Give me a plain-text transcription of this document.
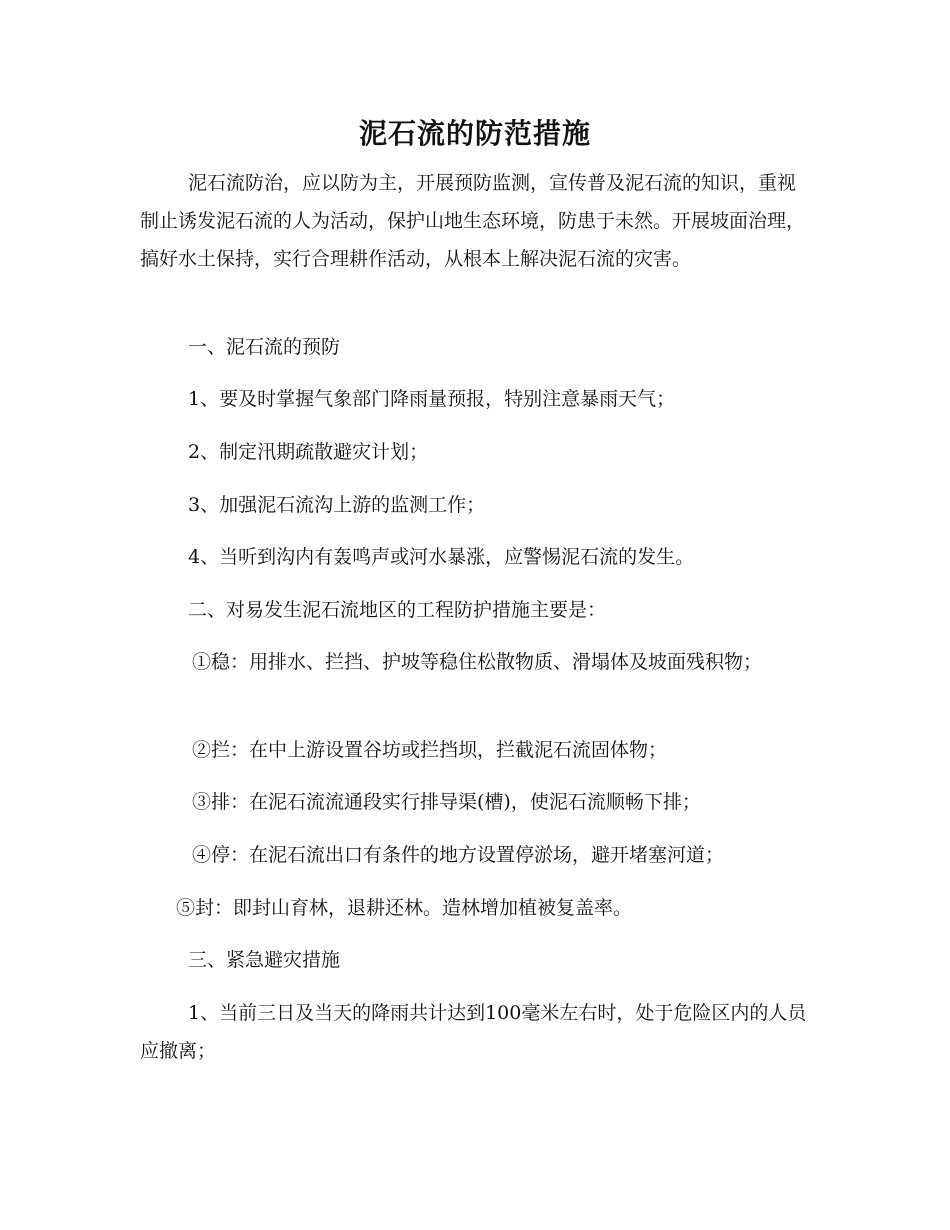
泥石流的防范措施

泥石流防治，应以防为主，开展预防监测，宣传普及泥石流的知识，重视制止诱发泥石流的人为活动，保护山地生态环境，防患于未然。开展坡面治理，搞好水土保持，实行合理耕作活动，从根本上解决泥石流的灾害。

一、泥石流的预防

1、要及时掌握气象部门降雨量预报，特别注意暴雨天气；

2、制定汛期疏散避灾计划；

3、加强泥石流沟上游的监测工作；

4、当听到沟内有轰鸣声或河水暴涨，应警惕泥石流的发生。

二、对易发生泥石流地区的工程防护措施主要是：

①稳：用排水、拦挡、护坡等稳住松散物质、滑塌体及坡面残积物；

②拦：在中上游设置谷坊或拦挡坝，拦截泥石流固体物；

③排：在泥石流流通段实行排导渠(槽)，使泥石流顺畅下排；

④停：在泥石流出口有条件的地方设置停淤场，避开堵塞河道；

⑤封：即封山育林，退耕还林。造林增加植被复盖率。

三、紧急避灾措施

1、当前三日及当天的降雨共计达到100毫米左右时，处于危险区内的人员应撤离；
